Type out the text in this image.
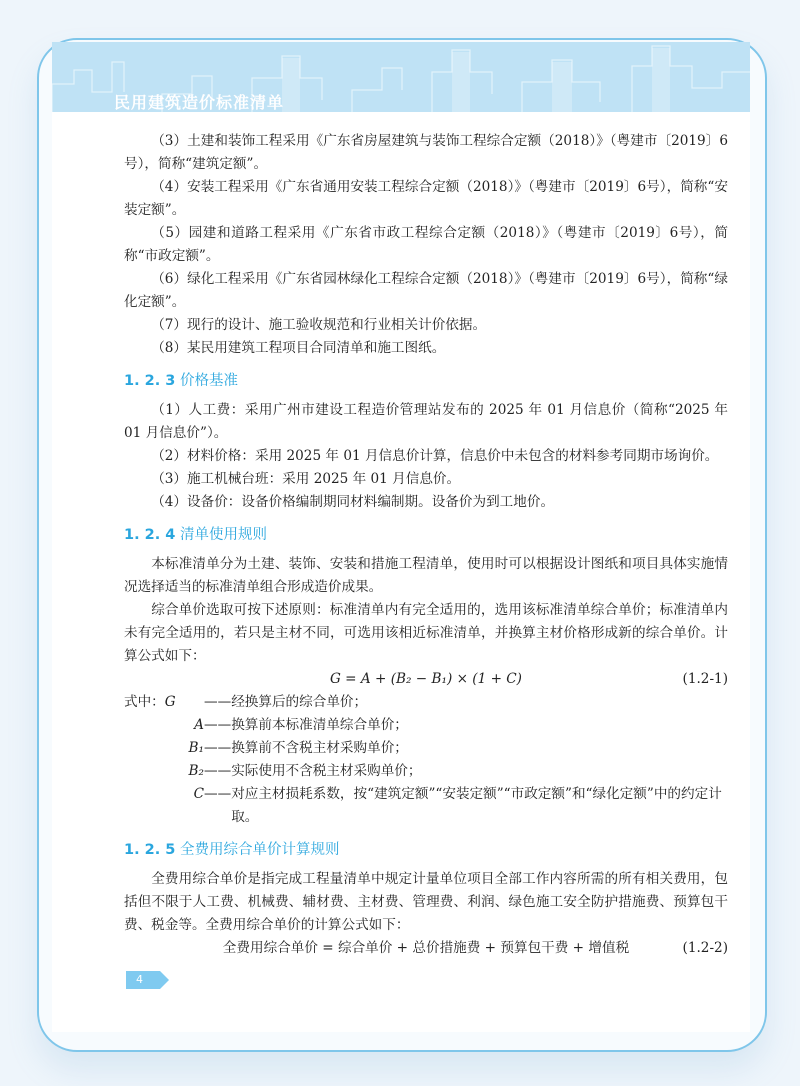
民用建筑造价标准清单

（3）土建和装饰工程采用《广东省房屋建筑与装饰工程综合定额（2018）》（粤建市〔2019〕6号），简称“建筑定额”。

（4）安装工程采用《广东省通用安装工程综合定额（2018）》（粤建市〔2019〕6号），简称“安装定额”。

（5）园建和道路工程采用《广东省市政工程综合定额（2018）》（粤建市〔2019〕6号），简称“市政定额”。

（6）绿化工程采用《广东省园林绿化工程综合定额（2018）》（粤建市〔2019〕6号），简称“绿化定额”。

（7）现行的设计、施工验收规范和行业相关计价依据。

（8）某民用建筑工程项目合同清单和施工图纸。

1. 2. 3 价格基准

（1）人工费：采用广州市建设工程造价管理站发布的 2025 年 01 月信息价（简称“2025 年 01 月信息价”）。

（2）材料价格：采用 2025 年 01 月信息价计算，信息价中未包含的材料参考同期市场询价。

（3）施工机械台班：采用 2025 年 01 月信息价。

（4）设备价：设备价格编制期同材料编制期。设备价为到工地价。

1. 2. 4 清单使用规则

本标准清单分为土建、装饰、安装和措施工程清单，使用时可以根据设计图纸和项目具体实施情况选择适当的标准清单组合形成造价成果。

综合单价选取可按下述原则：标准清单内有完全适用的，选用该标准清单综合单价；标准清单内未有完全适用的，若只是主材不同，可选用该相近标准清单，并换算主材价格形成新的综合单价。计算公式如下：

G = A + (B₂ − B₁) × (1 + C)	(1.2-1)
式中：G	—— 经换算后的综合单价；
A —— 换算前本标准清单综合单价；
B₁ —— 换算前不含税主材采购单价；
B₂ —— 实际使用不含税主材采购单价；
C —— 对应主材损耗系数，按“建筑定额”“安装定额”“市政定额”和“绿化定额”中的约定计取。
1. 2. 5 全费用综合单价计算规则

全费用综合单价是指完成工程量清单中规定计量单位项目全部工作内容所需的所有相关费用，包括但不限于人工费、机械费、辅材费、主材费、管理费、利润、绿色施工安全防护措施费、预算包干费、税金等。全费用综合单价的计算公式如下：

全费用综合单价 = 综合单价 + 总价措施费 + 预算包干费 + 增值税	(1.2-2)
4
